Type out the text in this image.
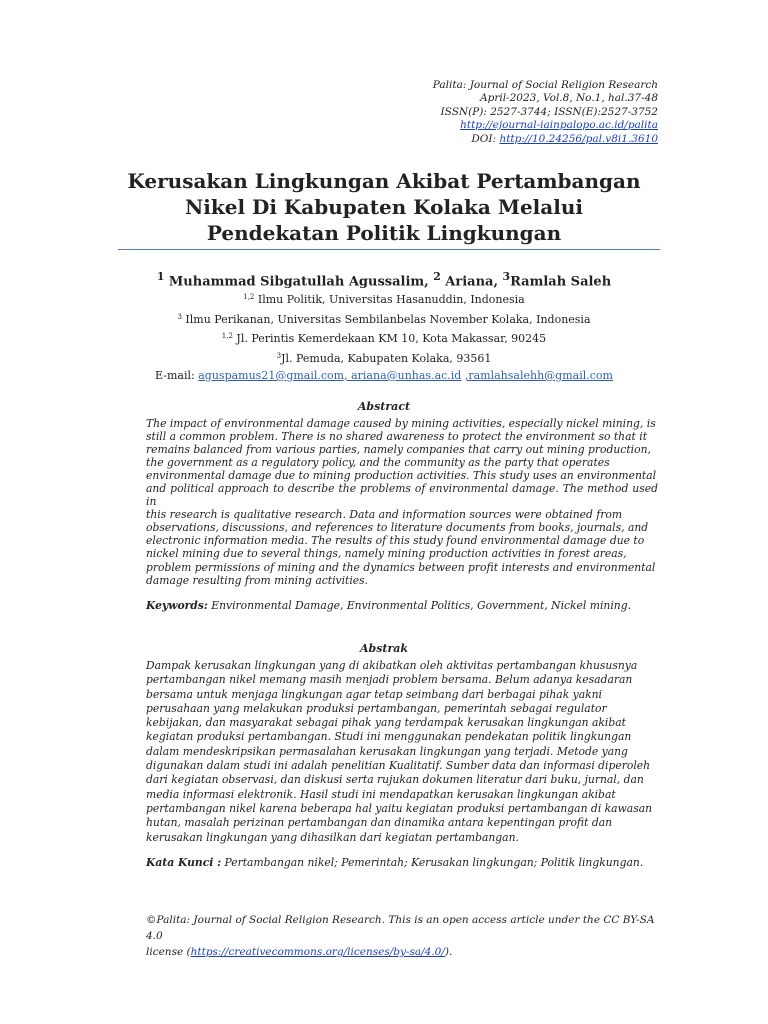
Palita: Journal of Social Religion Research
April-2023, Vol.8, No.1, hal.37-48
ISSN(P): 2527-3744; ISSN(E):2527-3752
http://ejournal-iainpalopo.ac.id/palita
DOI: http://10.24256/pal.v8i1.3610
Kerusakan Lingkungan Akibat Pertambangan
Nikel Di Kabupaten Kolaka Melalui
Pendekatan Politik Lingkungan
$^1$ Muhammad Sibgatullah Agussalim, $^2$ Ariana, $^3$Ramlah Saleh
$^{1,2}$ Ilmu Politik, Universitas Hasanuddin, Indonesia
$^3$ Ilmu Perikanan, Universitas Sembilanbelas November Kolaka, Indonesia
$^{1,2}$ Jl. Perintis Kemerdekaan KM 10, Kota Makassar, 90245
$^3$Jl. Pemuda, Kabupaten Kolaka, 93561
E-mail: aguspamus21@gmail.com, ariana@unhas.ac.id ,ramlahsalehh@gmail.com
Abstract
The impact of environmental damage caused by mining activities, especially nickel mining, is
still a common problem. There is no shared awareness to protect the environment so that it
remains balanced from various parties, namely companies that carry out mining production,
the government as a regulatory policy, and the community as the party that operates
environmental damage due to mining production activities. This study uses an environmental
and political approach to describe the problems of environmental damage. The method used in
this research is qualitative research. Data and information sources were obtained from
observations, discussions, and references to literature documents from books, journals, and
electronic information media. The results of this study found environmental damage due to
nickel mining due to several things, namely mining production activities in forest areas,
problem permissions of mining and the dynamics between profit interests and environmental
damage resulting from mining activities.
Keywords: Environmental Damage, Environmental Politics, Government, Nickel mining.
Abstrak
Dampak kerusakan lingkungan yang di akibatkan oleh aktivitas pertambangan khususnya
pertambangan nikel memang masih menjadi problem bersama. Belum adanya kesadaran
bersama untuk menjaga lingkungan agar tetap seimbang dari berbagai pihak yakni
perusahaan yang melakukan produksi pertambangan, pemerintah sebagai regulator
kebijakan, dan masyarakat sebagai pihak yang terdampak kerusakan lingkungan akibat
kegiatan produksi pertambangan. Studi ini menggunakan pendekatan politik lingkungan
dalam mendeskripsikan permasalahan kerusakan lingkungan yang terjadi. Metode yang
digunakan dalam studi ini adalah penelitian Kualitatif. Sumber data dan informasi diperoleh
dari kegiatan observasi, dan diskusi serta rujukan dokumen literatur dari buku, jurnal, dan
media informasi elektronik. Hasil studi ini mendapatkan kerusakan lingkungan akibat
pertambangan nikel karena beberapa hal yaitu kegiatan produksi pertambangan di kawasan
hutan, masalah perizinan pertambangan dan dinamika antara kepentingan profit dan
kerusakan lingkungan yang dihasilkan dari kegiatan pertambangan.
Kata Kunci : Pertambangan nikel; Pemerintah; Kerusakan lingkungan; Politik lingkungan.
©Palita: Journal of Social Religion Research. This is an open access article under the CC BY-SA 4.0
license (https://creativecommons.org/licenses/by-sa/4.0/).
